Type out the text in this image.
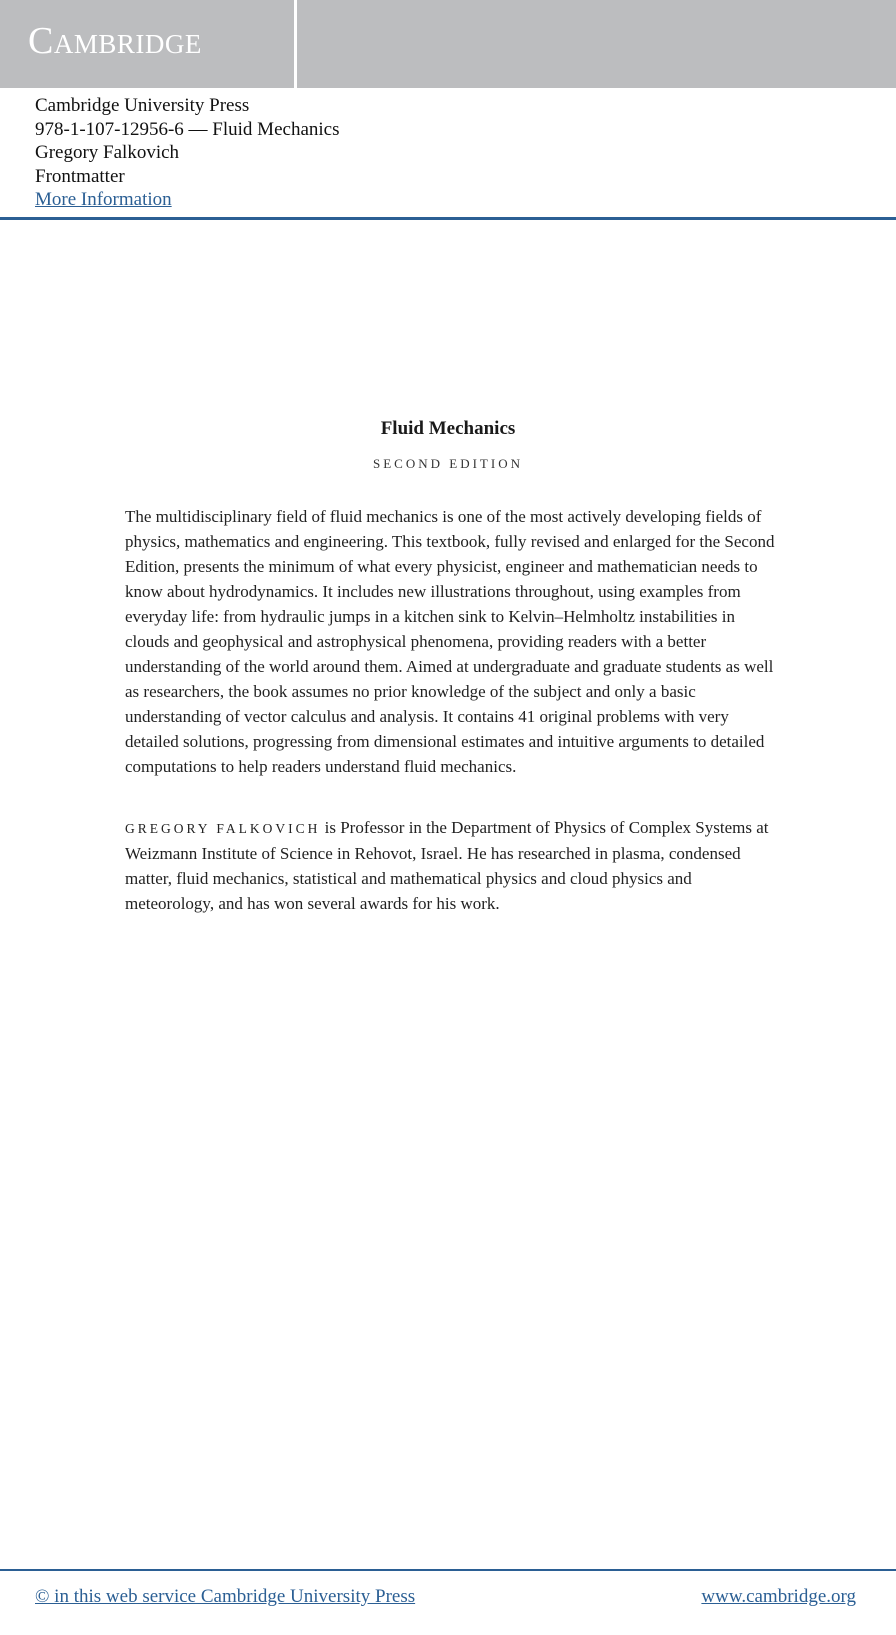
Cambridge
Cambridge University Press
978-1-107-12956-6 — Fluid Mechanics
Gregory Falkovich
Frontmatter
More Information
Fluid Mechanics
SECOND EDITION

The multidisciplinary field of fluid mechanics is one of the most actively developing fields of physics, mathematics and engineering. This textbook, fully revised and enlarged for the Second Edition, presents the minimum of what every physicist, engineer and mathematician needs to know about hydrodynamics. It includes new illustrations throughout, using examples from everyday life: from hydraulic jumps in a kitchen sink to Kelvin–Helmholtz instabilities in clouds and geophysical and astrophysical phenomena, providing readers with a better understanding of the world around them. Aimed at undergraduate and graduate students as well as researchers, the book assumes no prior knowledge of the subject and only a basic understanding of vector calculus and analysis. It contains 41 original problems with very detailed solutions, progressing from dimensional estimates and intuitive arguments to detailed computations to help readers understand fluid mechanics.

GREGORY FALKOVICH is Professor in the Department of Physics of Complex Systems at Weizmann Institute of Science in Rehovot, Israel. He has researched in plasma, condensed matter, fluid mechanics, statistical and mathematical physics and cloud physics and meteorology, and has won several awards for his work.

© in this web service Cambridge University Press	www.cambridge.org
